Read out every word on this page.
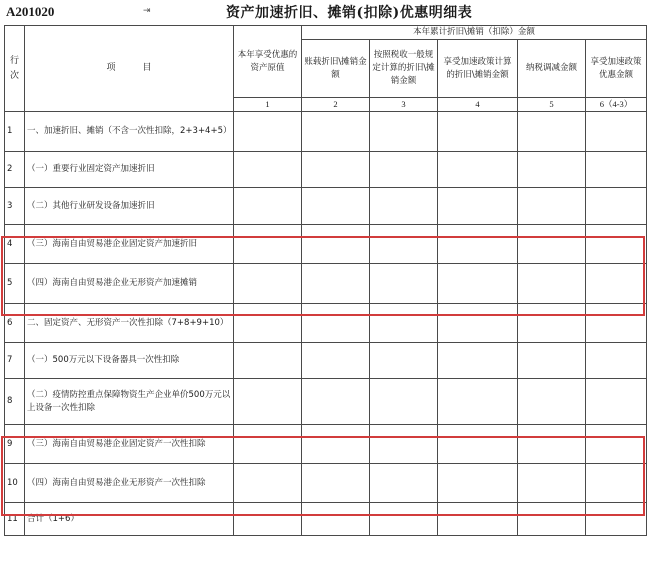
A201020	⇥	资产加速折旧、摊销(扣除)优惠明细表
行
次	项　　　目	本年享受优惠的资产原值	本年累计折旧\摊销（扣除）金额				
			账载折旧\摊销金额	按照税收一般规定计算的折旧\摊销金额	享受加速政策计算的折旧\摊销金额	纳税调减金额	享受加速政策优惠金额
		1	2	3	4	5	6（4-3）
1	一、加速折旧、摊销（不含一次性扣除，2+3+4+5）						
2	（一）重要行业固定资产加速折旧						
3	（二）其他行业研发设备加速折旧						
4	（三）海南自由贸易港企业固定资产加速折旧						
5	（四）海南自由贸易港企业无形资产加速摊销						
6	二、固定资产、无形资产一次性扣除（7+8+9+10）						
7	（一）500万元以下设备器具一次性扣除						
8	（二）疫情防控重点保障物资生产企业单价500万元以上设备一次性扣除						
9	（三）海南自由贸易港企业固定资产一次性扣除						
10	（四）海南自由贸易港企业无形资产一次性扣除						
11	合计（1+6）						
